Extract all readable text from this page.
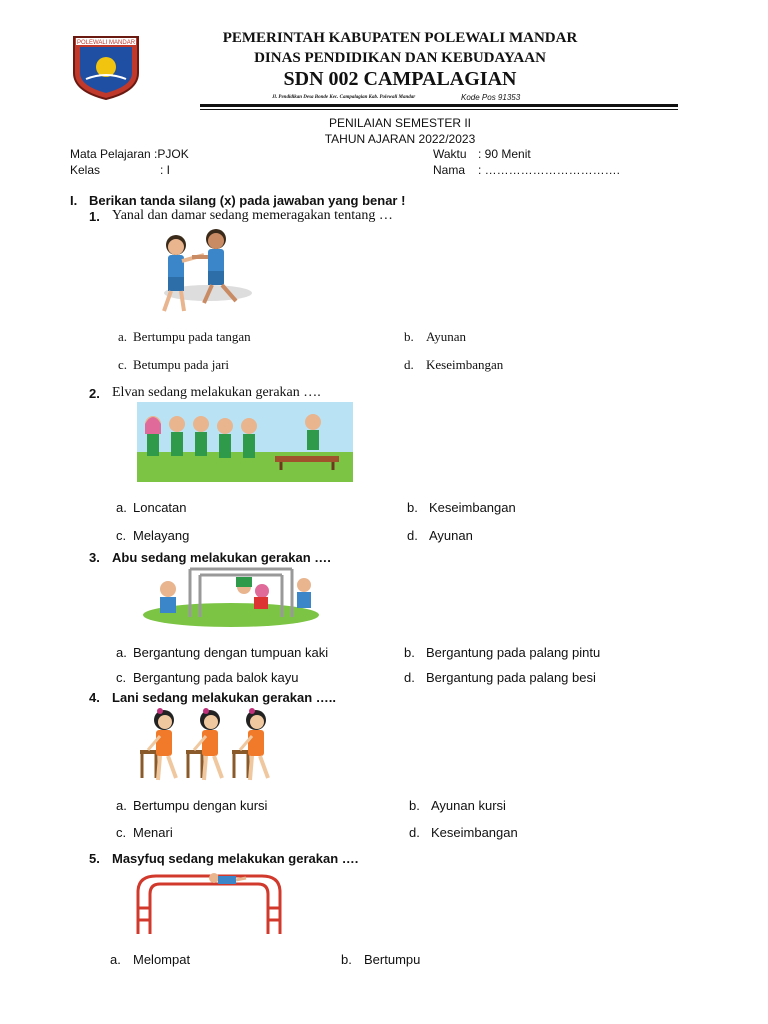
POLEWALI MANDAR	PEMERINTAH KABUPATEN POLEWALI MANDAR
DINAS PENDIDIKAN DAN KEBUDAYAAN
SDN 002 CAMPALAGIAN
Jl. Pendidikan Desa Bonde Kec. Campalagian Kab. Polewali Mandar	Kode Pos 91353
PENILAIAN SEMESTER II
TAHUN AJARAN 2022/2023
Mata Pelajaran :PJOK
Kelas	: I
Waktu : 90 Menit
Nama : …………………………….
I. Berikan tanda silang (x) pada jawaban yang benar !
1. Yanal dan damar sedang memeragakan tentang …
a. Bertumpu pada tangan	b. Ayunan
c. Betumpu pada jari	d. Keseimbangan
2. Elvan sedang melakukan gerakan ….
a. Loncatan	b. Keseimbangan
c. Melayang	d. Ayunan
3. Abu sedang melakukan gerakan ….
a. Bergantung dengan tumpuan kaki	b. Bergantung pada palang pintu
c. Bergantung pada balok kayu	d. Bergantung pada palang besi
4. Lani sedang melakukan gerakan …..
a. Bertumpu dengan kursi	b. Ayunan kursi
c. Menari	d. Keseimbangan
5. Masyfuq sedang melakukan gerakan ….
a. Melompat	b. Bertumpu
